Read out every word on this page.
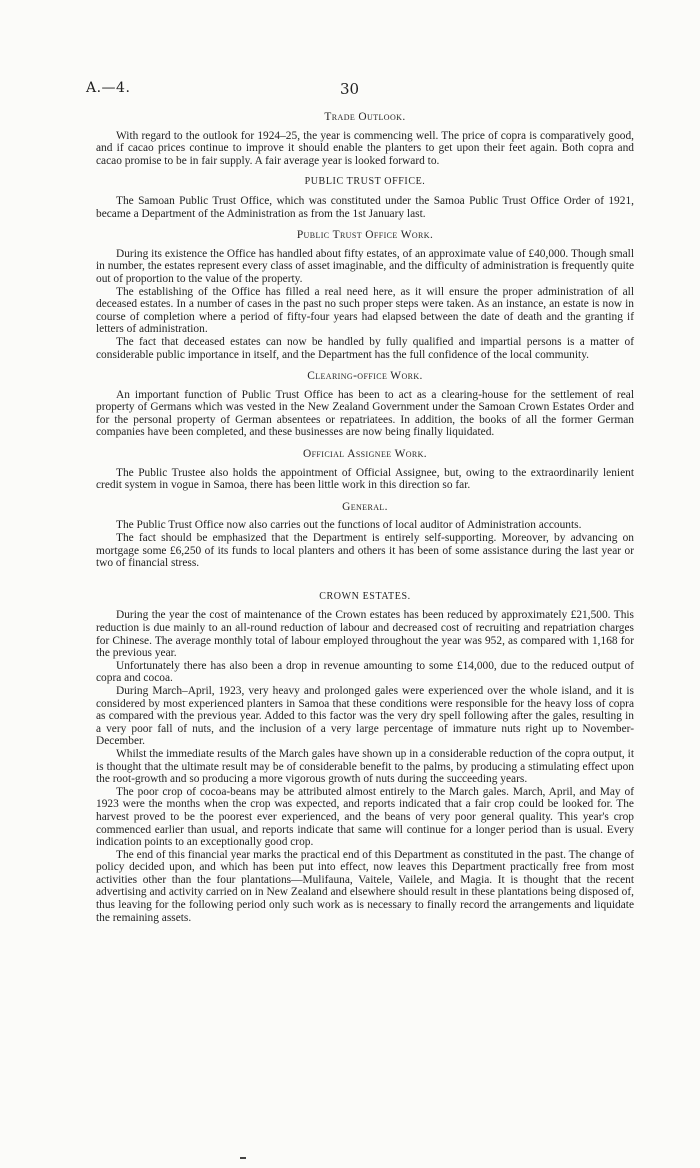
A.—4.	30
Trade Outlook.

With regard to the outlook for 1924–25, the year is commencing well. The price of copra is comparatively good, and if cacao prices continue to improve it should enable the planters to get upon their feet again. Both copra and cacao promise to be in fair supply. A fair average year is looked forward to.

PUBLIC TRUST OFFICE.

The Samoan Public Trust Office, which was constituted under the Samoa Public Trust Office Order of 1921, became a Department of the Administration as from the 1st January last.

Public Trust Office Work.

During its existence the Office has handled about fifty estates, of an approximate value of £40,000. Though small in number, the estates represent every class of asset imaginable, and the difficulty of administration is frequently quite out of proportion to the value of the property.

The establishing of the Office has filled a real need here, as it will ensure the proper administration of all deceased estates. In a number of cases in the past no such proper steps were taken. As an instance, an estate is now in course of completion where a period of fifty-four years had elapsed between the date of death and the granting if letters of administration.

The fact that deceased estates can now be handled by fully qualified and impartial persons is a matter of considerable public importance in itself, and the Department has the full confidence of the local community.

Clearing-office Work.

An important function of Public Trust Office has been to act as a clearing-house for the settlement of real property of Germans which was vested in the New Zealand Government under the Samoan Crown Estates Order and for the personal property of German absentees or repatriatees. In addition, the books of all the former German companies have been completed, and these businesses are now being finally liquidated.

Official Assignee Work.

The Public Trustee also holds the appointment of Official Assignee, but, owing to the extraordinarily lenient credit system in vogue in Samoa, there has been little work in this direction so far.

General.

The Public Trust Office now also carries out the functions of local auditor of Administration accounts.

The fact should be emphasized that the Department is entirely self-supporting. Moreover, by advancing on mortgage some £6,250 of its funds to local planters and others it has been of some assistance during the last year or two of financial stress.

CROWN ESTATES.

During the year the cost of maintenance of the Crown estates has been reduced by approximately £21,500. This reduction is due mainly to an all-round reduction of labour and decreased cost of recruiting and repatriation charges for Chinese. The average monthly total of labour employed throughout the year was 952, as compared with 1,168 for the previous year.

Unfortunately there has also been a drop in revenue amounting to some £14,000, due to the reduced output of copra and cocoa.

During March–April, 1923, very heavy and prolonged gales were experienced over the whole island, and it is considered by most experienced planters in Samoa that these conditions were responsible for the heavy loss of copra as compared with the previous year. Added to this factor was the very dry spell following after the gales, resulting in a very poor fall of nuts, and the inclusion of a very large percentage of immature nuts right up to November-December.

Whilst the immediate results of the March gales have shown up in a considerable reduction of the copra output, it is thought that the ultimate result may be of considerable benefit to the palms, by producing a stimulating effect upon the root-growth and so producing a more vigorous growth of nuts during the succeeding years.

The poor crop of cocoa-beans may be attributed almost entirely to the March gales. March, April, and May of 1923 were the months when the crop was expected, and reports indicated that a fair crop could be looked for. The harvest proved to be the poorest ever experienced, and the beans of very poor general quality. This year's crop commenced earlier than usual, and reports indicate that same will continue for a longer period than is usual. Every indication points to an exceptionally good crop.

The end of this financial year marks the practical end of this Department as constituted in the past. The change of policy decided upon, and which has been put into effect, now leaves this Department practically free from most activities other than the four plantations—Mulifauna, Vaitele, Vailele, and Magia. It is thought that the recent advertising and activity carried on in New Zealand and elsewhere should result in these plantations being disposed of, thus leaving for the following period only such work as is necessary to finally record the arrangements and liquidate the remaining assets.
